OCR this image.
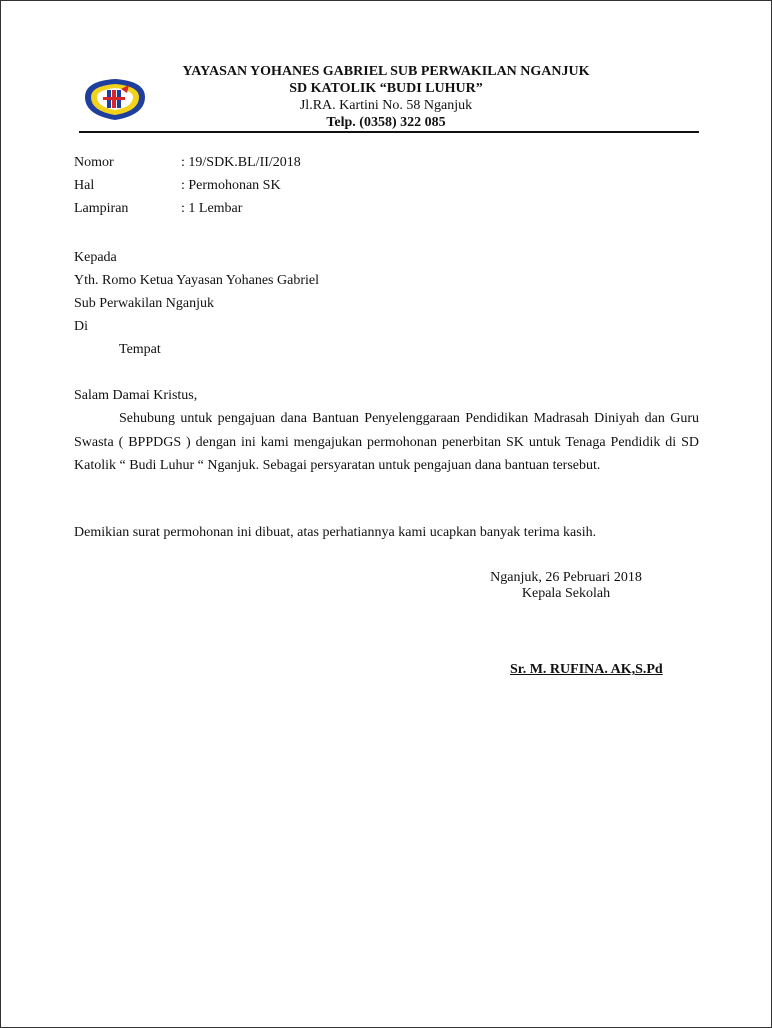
YAYASAN YOHANES GABRIEL SUB PERWAKILAN NGANJUK
SD KATOLIK “BUDI LUHUR”
Jl.RA. Kartini No. 58 Nganjuk
Telp. (0358) 322 085
Nomor	: 19/SDK.BL/II/2018
Hal	: Permohonan SK
Lampiran	: 1 Lembar
Kepada
Yth. Romo Ketua Yayasan Yohanes Gabriel
Sub Perwakilan Nganjuk
Di
Tempat
Salam Damai Kristus,
Sehubung untuk pengajuan dana Bantuan Penyelenggaraan Pendidikan Madrasah Diniyah dan Guru Swasta ( BPPDGS ) dengan ini kami mengajukan permohonan penerbitan SK untuk Tenaga Pendidik di SD Katolik “ Budi Luhur “ Nganjuk. Sebagai persyaratan untuk pengajuan dana bantuan tersebut.
Demikian surat permohonan ini dibuat, atas perhatiannya kami ucapkan banyak terima kasih.
Nganjuk, 26 Pebruari 2018
Kepala Sekolah
Sr. M. RUFINA. AK,S.Pd
